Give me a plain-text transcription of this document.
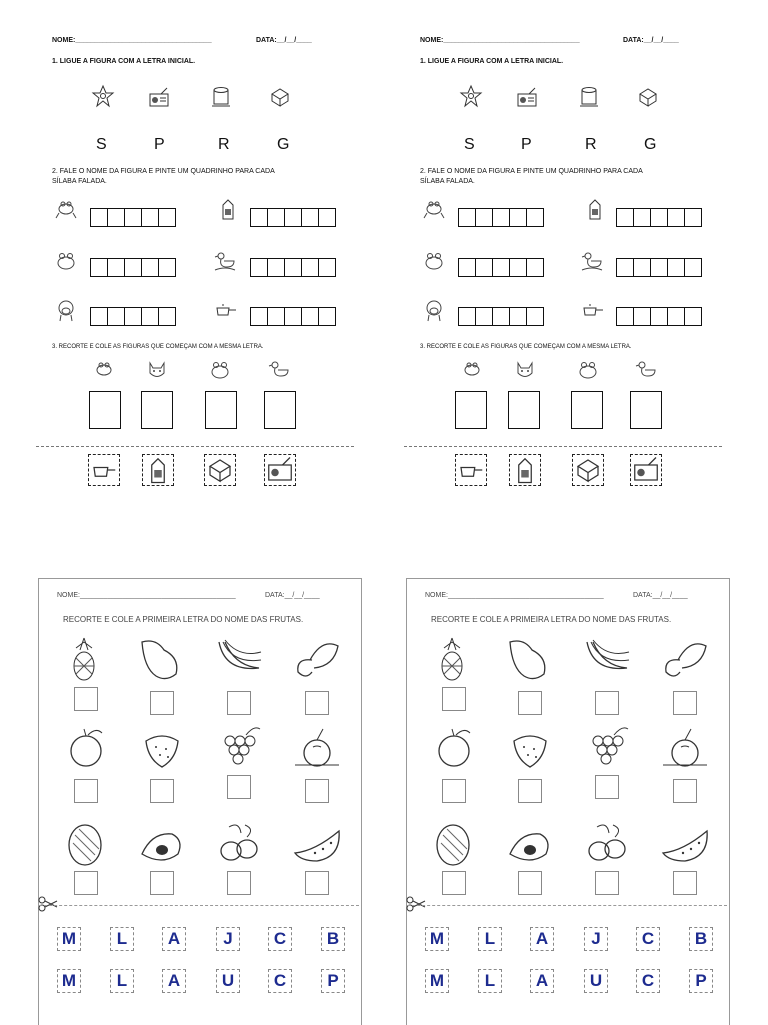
NOME:___________________________________	DATA:__/__/____
1. LIGUE A FIGURA COM A LETRA INICIAL.
S	P	R	G
2. FALE O NOME DA FIGURA E PINTE UM QUADRINHO PARA CADA
SÍLABA FALADA.
3. RECORTE E COLE AS FIGURAS QUE COMEÇAM COM A MESMA LETRA.
NOME:___________________________________	DATA:__/__/____
1. LIGUE A FIGURA COM A LETRA INICIAL.
S	P	R	G
2. FALE O NOME DA FIGURA E PINTE UM QUADRINHO PARA CADA
SÍLABA FALADA.
3. RECORTE E COLE AS FIGURAS QUE COMEÇAM COM A MESMA LETRA.
NOME:________________________________________	DATA:__/__/____
RECORTE E COLE A PRIMEIRA LETRA DO NOME DAS FRUTAS.
M	L	A	J	C	B
M	L	A	U	C	P
NOME:________________________________________	DATA:__/__/____
RECORTE E COLE A PRIMEIRA LETRA DO NOME DAS FRUTAS.
M	L	A	J	C	B
M	L	A	U	C	P
